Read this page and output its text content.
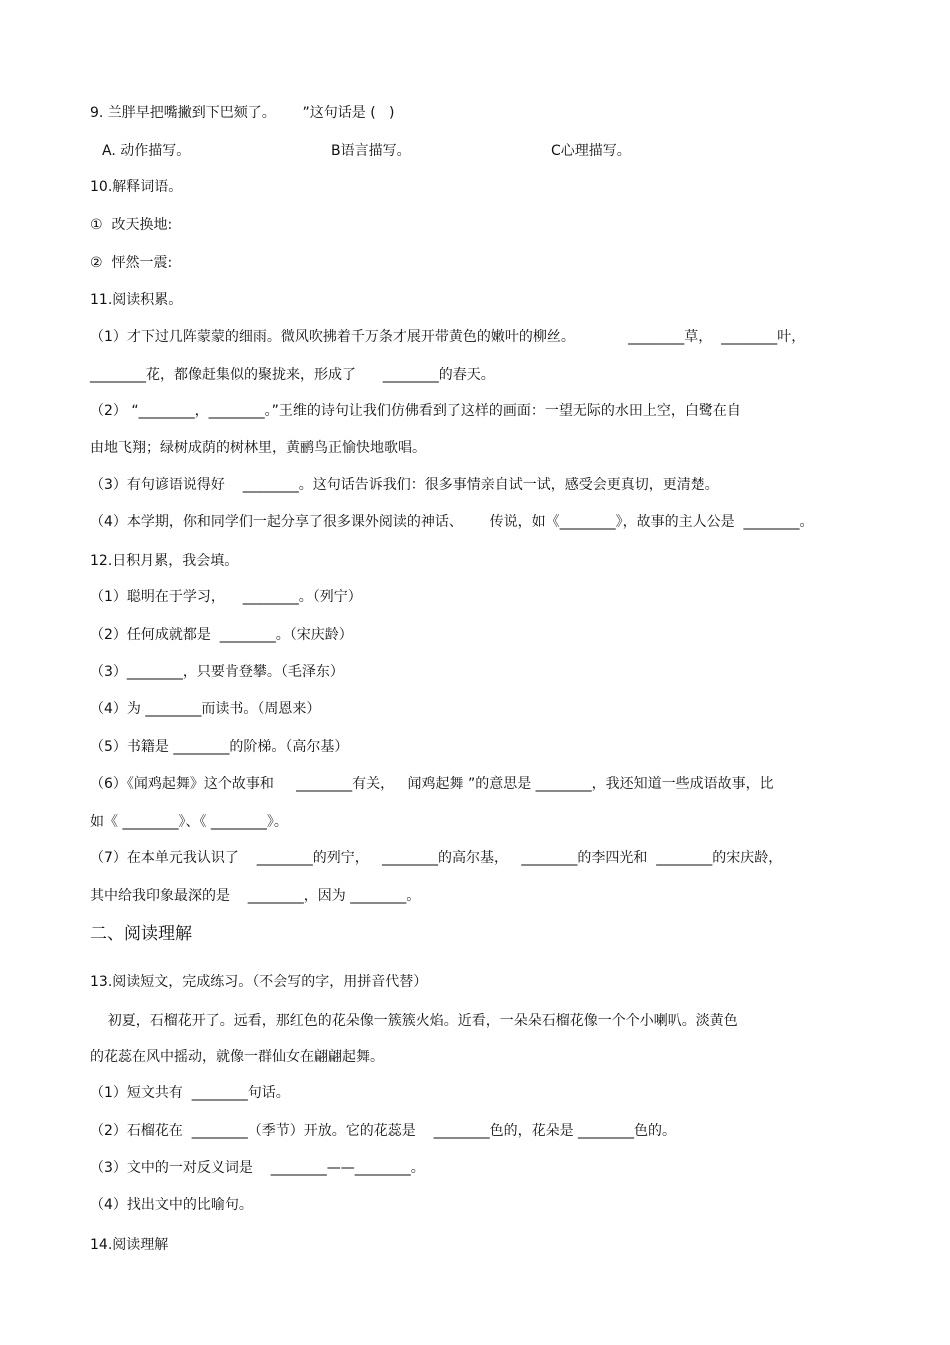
9. 兰胖早把嘴撇到下巴颏了。      ”这句话是 (   )
A. 动作描写。	B语言描写。	C心理描写。
10.解释词语。
①  改天换地:
②  怦然一震:
11.阅读积累。
（1）才下过几阵蒙蒙的细雨。微风吹拂着千万条才展开带黄色的嫩叶的柳丝。            ________草，  ________叶，
________花，都像赶集似的聚拢来，形成了      ________的春天。
（2） “________，________。”王维的诗句让我们仿佛看到了这样的画面：一望无际的水田上空，白鹭在自
由地飞翔；绿树成荫的树林里，黄鹂鸟正愉快地歌唱。
（3）有句谚语说得好    ________。这句话告诉我们：很多事情亲自试一试，感受会更真切，更清楚。
（4）本学期，你和同学们一起分享了很多课外阅读的神话、      传说，如《________》，故事的主人公是  ________。
12.日积月累，我会填。
（1）聪明在于学习，    ________。（列宁）
（2）任何成就都是  ________。（宋庆龄）
（3）________，只要肯登攀。（毛泽东）
（4）为 ________而读书。（周恩来）
（5）书籍是 ________的阶梯。（高尔基）
（6）《闻鸡起舞》这个故事和     ________有关，   闻鸡起舞 ”的意思是 ________，我还知道一些成语故事，比
如《 ________》、《 ________》。
（7）在本单元我认识了    ________的列宁，   ________的高尔基，   ________的李四光和  ________的宋庆龄，
其中给我印象最深的是    ________，因为 ________。
二、阅读理解
13.阅读短文，完成练习。（不会写的字，用拼音代替）
初夏，石榴花开了。远看，那红色的花朵像一簇簇火焰。近看，一朵朵石榴花像一个个小喇叭。淡黄色
的花蕊在风中摇动，就像一群仙女在翩翩起舞。
（1）短文共有  ________句话。
（2）石榴花在  ________（季节）开放。它的花蕊是    ________色的，花朵是 ________色的。
（3）文中的一对反义词是    ________——________。
（4）找出文中的比喻句。
14.阅读理解
